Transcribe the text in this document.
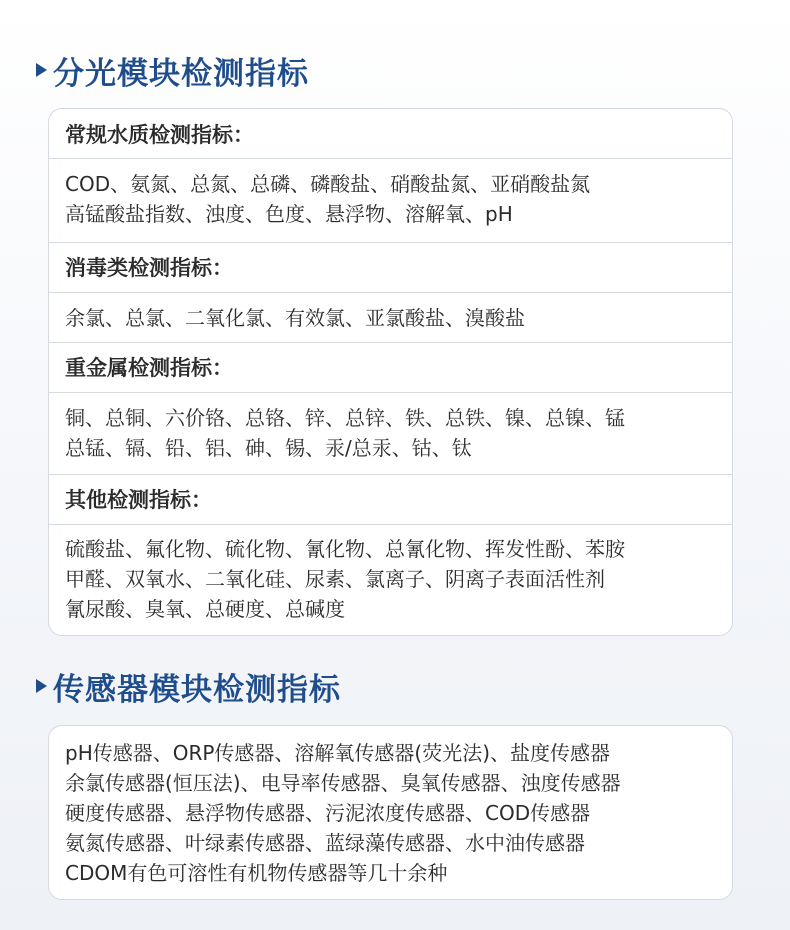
分光模块检测指标
常规水质检测指标：
COD、氨氮、总氮、总磷、磷酸盐、硝酸盐氮、亚硝酸盐氮
高锰酸盐指数、浊度、色度、悬浮物、溶解氧、pH
消毒类检测指标：
余氯、总氯、二氧化氯、有效氯、亚氯酸盐、溴酸盐
重金属检测指标：
铜、总铜、六价铬、总铬、锌、总锌、铁、总铁、镍、总镍、锰
总锰、镉、铅、铝、砷、锡、汞/总汞、钴、钛
其他检测指标：
硫酸盐、氟化物、硫化物、氰化物、总氰化物、挥发性酚、苯胺
甲醛、双氧水、二氧化硅、尿素、氯离子、阴离子表面活性剂
氰尿酸、臭氧、总硬度、总碱度
传感器模块检测指标
pH传感器、ORP传感器、溶解氧传感器(荧光法)、盐度传感器
余氯传感器(恒压法)、电导率传感器、臭氧传感器、浊度传感器
硬度传感器、悬浮物传感器、污泥浓度传感器、COD传感器
氨氮传感器、叶绿素传感器、蓝绿藻传感器、水中油传感器
CDOM有色可溶性有机物传感器等几十余种
